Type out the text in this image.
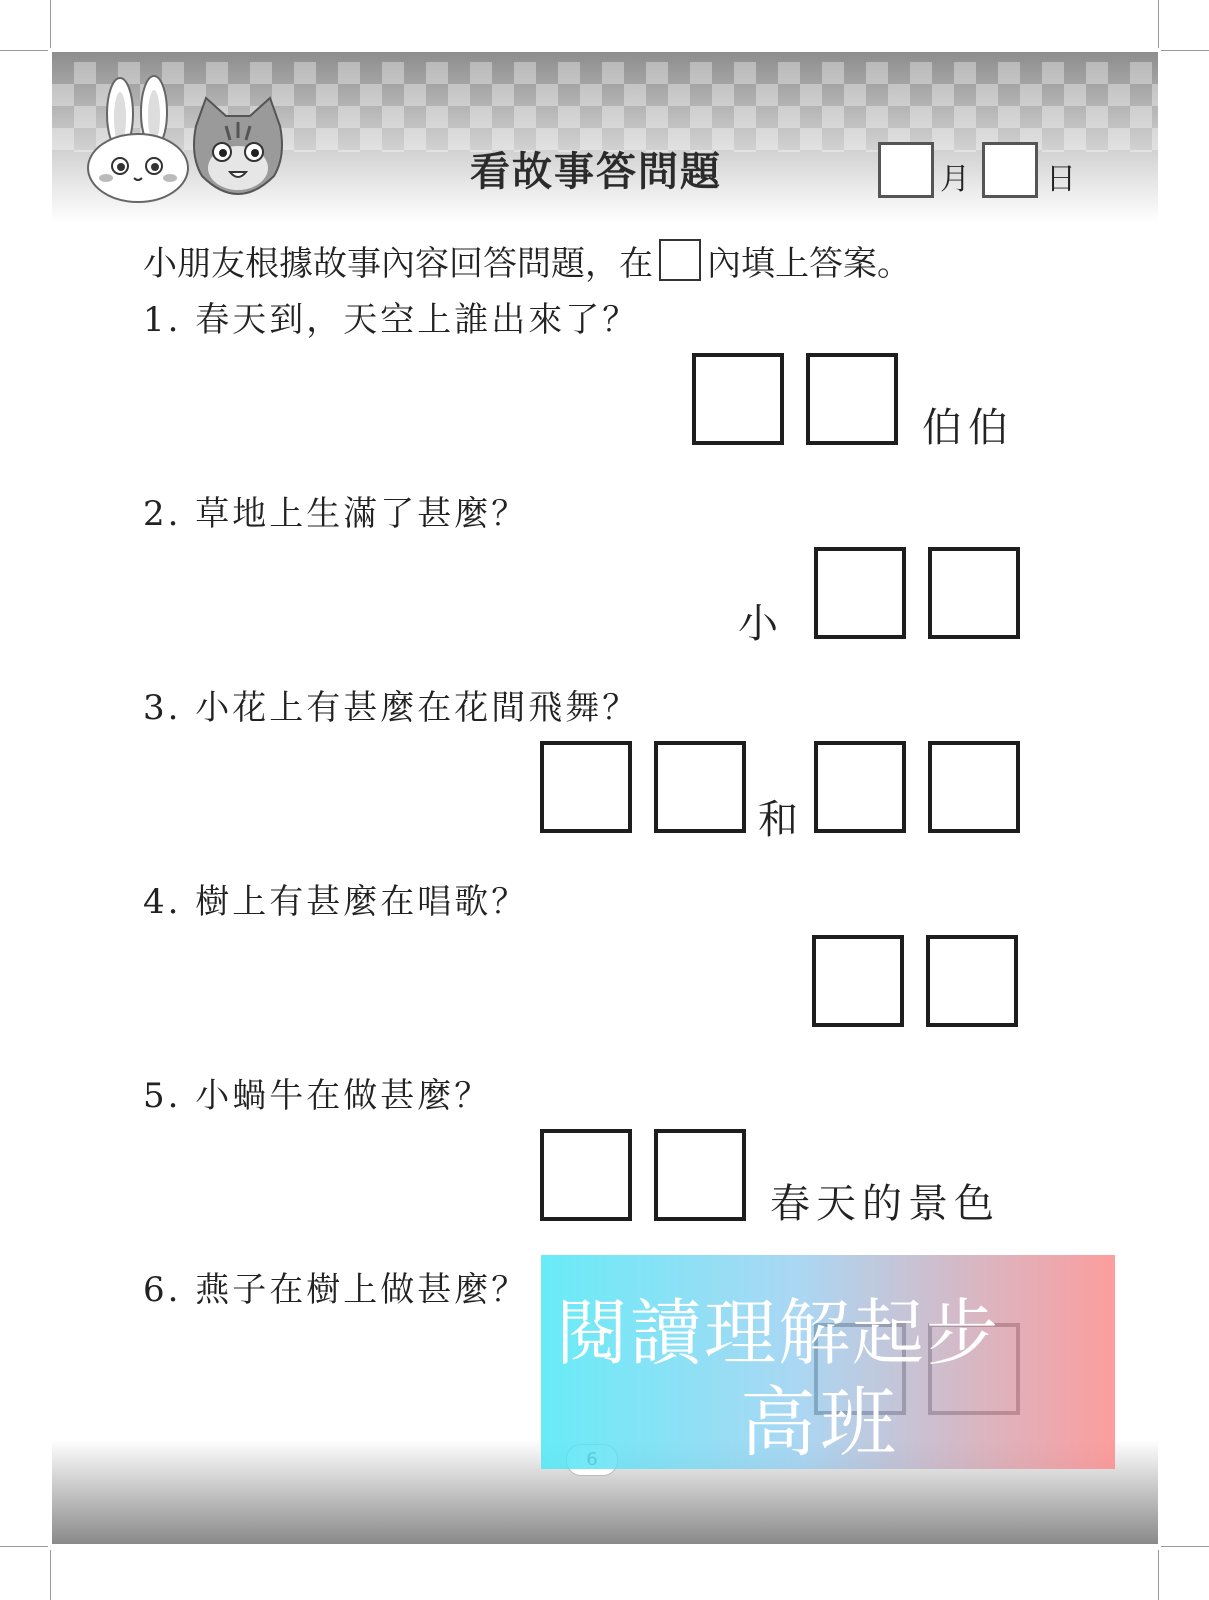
看故事答問題	月	日
小朋友根據故事內容回答問題，在 內填上答案。
1. 春天到，天空上誰出來了？
伯伯
2. 草地上生滿了甚麼？
小
3. 小花上有甚麼在花間飛舞？
和
4. 樹上有甚麼在唱歌？
5. 小蝸牛在做甚麼？
春天的景色
6. 燕子在樹上做甚麼？
閱讀理解起步
高班
